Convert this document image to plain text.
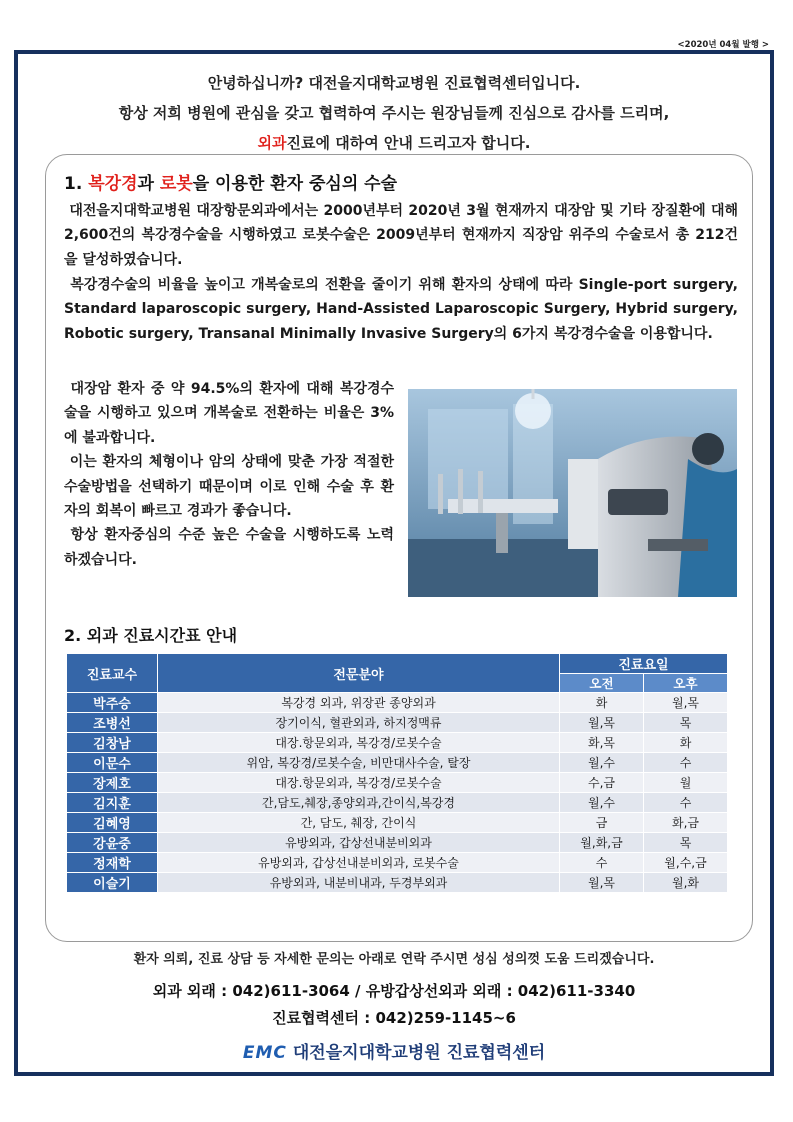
<2020년 04월 발행 >
안녕하십니까? 대전을지대학교병원 진료협력센터입니다.
항상 저희 병원에 관심을 갖고 협력하여 주시는 원장님들께 진심으로 감사를 드리며,
외과진료에 대하여 안내 드리고자 합니다.
1. 복강경과 로봇을 이용한 환자 중심의 수술
대전을지대학교병원 대장항문외과에서는 2000년부터 2020년 3월 현재까지 대장암 및 기타 장질환에 대해 2,600건의 복강경수술을 시행하였고 로봇수술은 2009년부터 현재까지 직장암 위주의 수술로서 총 212건을 달성하였습니다.
복강경수술의 비율을 높이고 개복술로의 전환을 줄이기 위해 환자의 상태에 따라 Single-port surgery, Standard laparoscopic surgery, Hand-Assisted Laparoscopic Surgery, Hybrid surgery, Robotic surgery, Transanal Minimally Invasive Surgery의 6가지 복강경수술을 이용합니다.
대장암 환자 중 약 94.5%의 환자에 대해 복강경수술을 시행하고 있으며 개복술로 전환하는 비율은 3%에 불과합니다.
이는 환자의 체형이나 암의 상태에 맞춘 가장 적절한 수술방법을 선택하기 때문이며 이로 인해 수술 후 환자의 회복이 빠르고 경과가 좋습니다.
항상 환자중심의 수준 높은 수술을 시행하도록 노력하겠습니다.
2. 외과 진료시간표 안내
진료교수	전문분야	진료요일	
		오전	오후
박주승	복강경 외과, 위장관 종양외과	화	월,목
조병선	장기이식, 혈관외과, 하지정맥류	월,목	목
김창남	대장.항문외과, 복강경/로봇수술	화,목	화
이문수	위암, 복강경/로봇수술, 비만대사수술, 탈장	월,수	수
장제호	대장.항문외과, 복강경/로봇수술	수,금	월
김지훈	간,담도,췌장,종양외과,간이식,복강경	월,수	수
김혜영	간, 담도, 췌장, 간이식	금	화,금
강윤중	유방외과, 갑상선내분비외과	월,화,금	목
정재학	유방외과, 갑상선내분비외과, 로봇수술	수	월,수,금
이슬기	유방외과, 내분비내과, 두경부외과	월,목	월,화
환자 의뢰, 진료 상담 등 자세한 문의는 아래로 연락 주시면 성심 성의껏 도움 드리겠습니다.
외과 외래 : 042)611-3064 / 유방갑상선외과 외래 : 042)611-3340
진료협력센터 : 042)259-1145~6
EMC 대전을지대학교병원 진료협력센터
